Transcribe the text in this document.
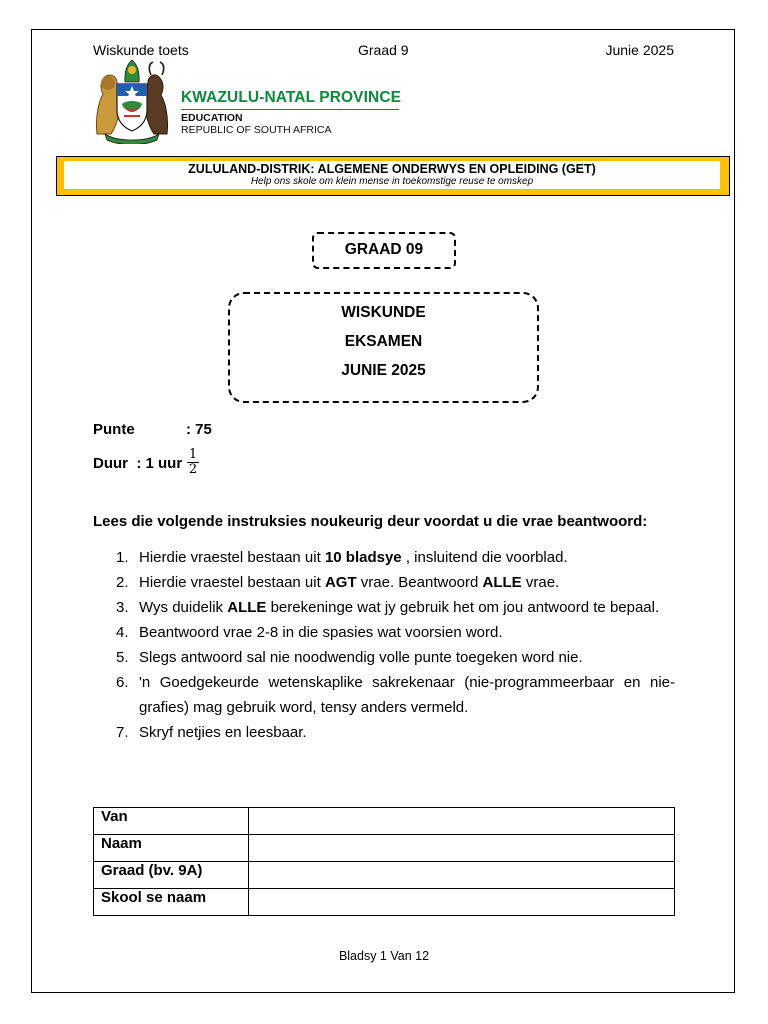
Wiskunde toets	Graad 9	Junie 2025
KWAZULU-NATAL PROVINCE
EDUCATION
REPUBLIC OF SOUTH AFRICA
ZULULAND-DISTRIK: ALGEMENE ONDERWYS EN OPLEIDING (GET)
Help ons skole om klein mense in toekomstige reuse te omskep
GRAAD 09
WISKUNDE
EKSAMEN
JUNIE 2025
Punte	: 75
Duur : 1 uur $\frac{1}{2}$
Lees die volgende instruksies noukeurig deur voordat u die vrae beantwoord:
1. Hierdie vraestel bestaan uit 10 bladsye , insluitend die voorblad.
2. Hierdie vraestel bestaan uit AGT vrae. Beantwoord ALLE vrae.
3. Wys duidelik ALLE berekeninge wat jy gebruik het om jou antwoord te bepaal.
4. Beantwoord vrae 2-8 in die spasies wat voorsien word.
5. Slegs antwoord sal nie noodwendig volle punte toegeken word nie.
6. 'n Goedgekeurde wetenskaplike sakrekenaar (nie-programmeerbaar en nie-grafies) mag gebruik word, tensy anders vermeld.
7. Skryf netjies en leesbaar.
Van	
Naam	
Graad (bv. 9A)	
Skool se naam	
Bladsy 1 Van 12
